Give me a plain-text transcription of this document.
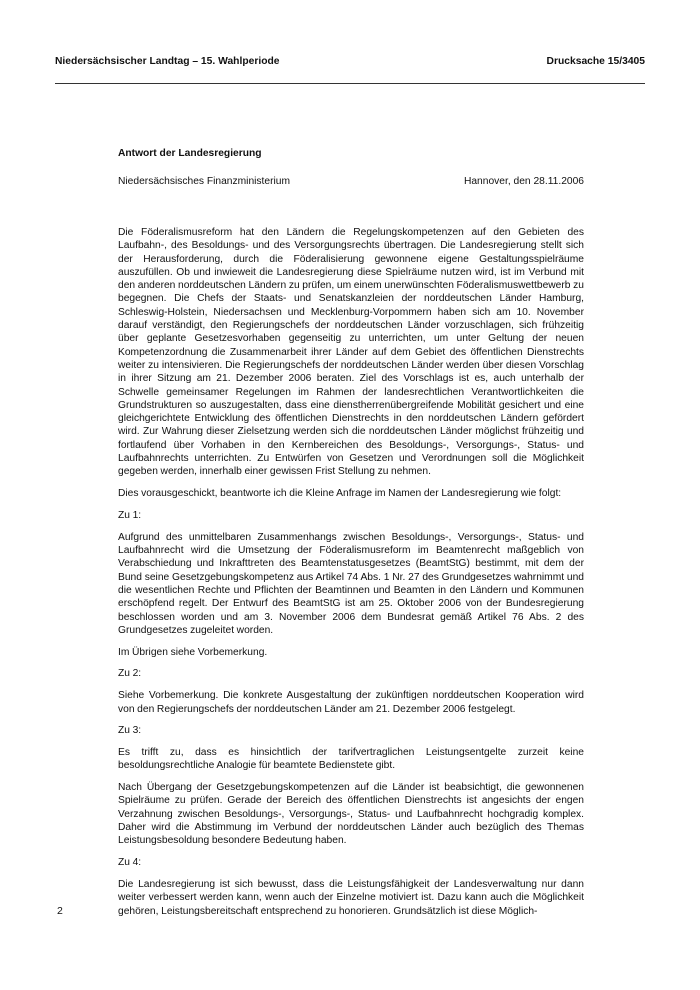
Niedersächsischer Landtag – 15. Wahlperiode	Drucksache 15/3405

Antwort der Landesregierung

Niedersächsisches Finanzministerium	Hannover, den 28.11.2006

Die Föderalismusreform hat den Ländern die Regelungskompetenzen auf den Gebieten des Laufbahn-, des Besoldungs- und des Versorgungsrechts übertragen. Die Landesregierung stellt sich der Herausforderung, durch die Föderalisierung gewonnene eigene Gestaltungsspielräume auszufüllen. Ob und inwieweit die Landesregierung diese Spielräume nutzen wird, ist im Verbund mit den anderen norddeutschen Ländern zu prüfen, um einem unerwünschten Föderalismuswettbewerb zu begegnen. Die Chefs der Staats- und Senatskanzleien der norddeutschen Länder Hamburg, Schleswig-Holstein, Niedersachsen und Mecklenburg-Vorpommern haben sich am 10. November darauf verständigt, den Regierungschefs der norddeutschen Länder vorzuschlagen, sich frühzeitig über geplante Gesetzesvorhaben gegenseitig zu unterrichten, um unter Geltung der neuen Kompetenzordnung die Zusammenarbeit ihrer Länder auf dem Gebiet des öffentlichen Dienstrechts weiter zu intensivieren. Die Regierungschefs der norddeutschen Länder werden über diesen Vorschlag in ihrer Sitzung am 21. Dezember 2006 beraten. Ziel des Vorschlags ist es, auch unterhalb der Schwelle gemeinsamer Regelungen im Rahmen der landesrechtlichen Verantwortlichkeiten die Grundstrukturen so auszugestalten, dass eine dienstherrenübergreifende Mobilität gesichert und eine gleichgerichtete Entwicklung des öffentlichen Dienstrechts in den norddeutschen Ländern gefördert wird. Zur Wahrung dieser Zielsetzung werden sich die norddeutschen Länder möglichst frühzeitig und fortlaufend über Vorhaben in den Kernbereichen des Besoldungs-, Versorgungs-, Status- und Laufbahnrechts unterrichten. Zu Entwürfen von Gesetzen und Verordnungen soll die Möglichkeit gegeben werden, innerhalb einer gewissen Frist Stellung zu nehmen.

Dies vorausgeschickt, beantworte ich die Kleine Anfrage im Namen der Landesregierung wie folgt:

Zu 1:

Aufgrund des unmittelbaren Zusammenhangs zwischen Besoldungs-, Versorgungs-, Status- und Laufbahnrecht wird die Umsetzung der Föderalismusreform im Beamtenrecht maßgeblich von Verabschiedung und Inkrafttreten des Beamtenstatusgesetzes (BeamtStG) bestimmt, mit dem der Bund seine Gesetzgebungskompetenz aus Artikel 74 Abs. 1 Nr. 27 des Grundgesetzes wahrnimmt und die wesentlichen Rechte und Pflichten der Beamtinnen und Beamten in den Ländern und Kommunen erschöpfend regelt. Der Entwurf des BeamtStG ist am 25. Oktober 2006 von der Bundesregierung beschlossen worden und am 3. November 2006 dem Bundesrat gemäß Artikel 76 Abs. 2 des Grundgesetzes zugeleitet worden.

Im Übrigen siehe Vorbemerkung.

Zu 2:

Siehe Vorbemerkung. Die konkrete Ausgestaltung der zukünftigen norddeutschen Kooperation wird von den Regierungschefs der norddeutschen Länder am 21. Dezember 2006 festgelegt.

Zu 3:

Es trifft zu, dass es hinsichtlich der tarifvertraglichen Leistungsentgelte zurzeit keine besoldungsrechtliche Analogie für beamtete Bedienstete gibt.

Nach Übergang der Gesetzgebungskompetenzen auf die Länder ist beabsichtigt, die gewonnenen Spielräume zu prüfen. Gerade der Bereich des öffentlichen Dienstrechts ist angesichts der engen Verzahnung zwischen Besoldungs-, Versorgungs-, Status- und Laufbahnrecht hochgradig komplex. Daher wird die Abstimmung im Verbund der norddeutschen Länder auch bezüglich des Themas Leistungsbesoldung besondere Bedeutung haben.

Zu 4:

Die Landesregierung ist sich bewusst, dass die Leistungsfähigkeit der Landesverwaltung nur dann weiter verbessert werden kann, wenn auch der Einzelne motiviert ist. Dazu kann auch die Möglichkeit gehören, Leistungsbereitschaft entsprechend zu honorieren. Grundsätzlich ist diese Möglich-

2
